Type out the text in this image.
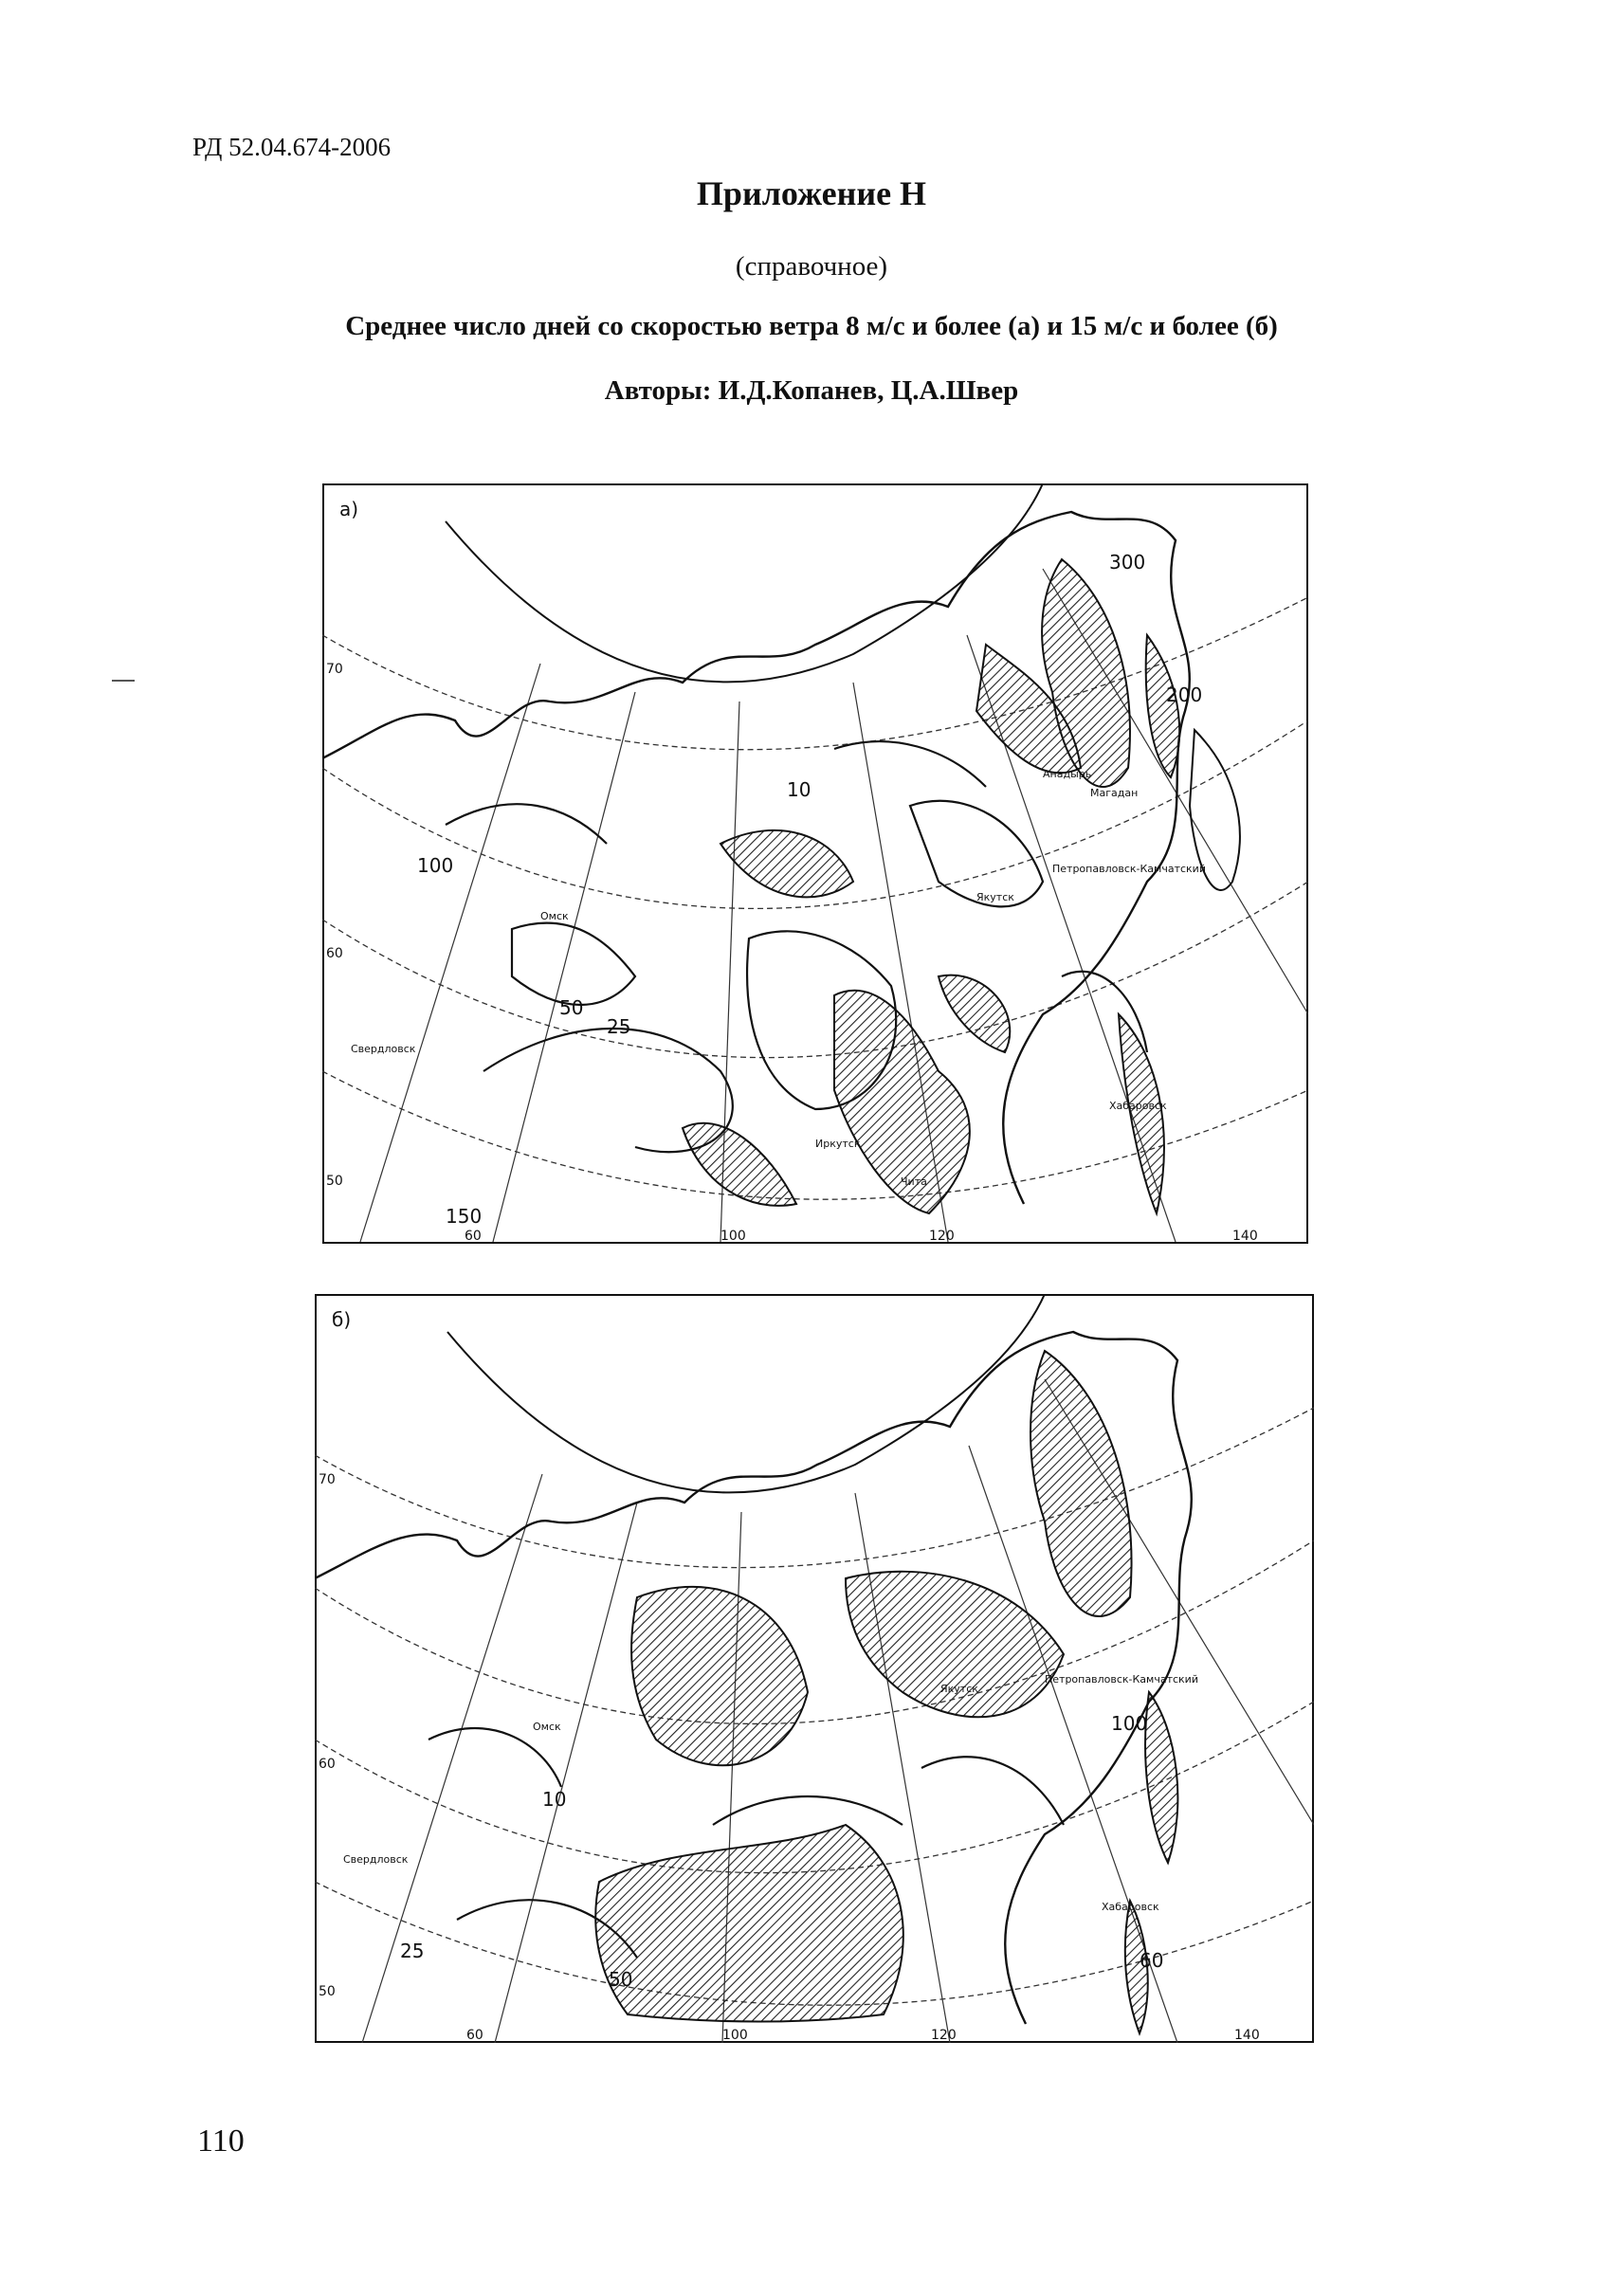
РД 52.04.674-2006
Приложение Н
(справочное)
Среднее число дней со скоростью ветра 8 м/с и более (а) и 15 м/с и более (б)
Авторы: И.Д.Копанев, Ц.А.Швер
а)
60	100	120	140
50
60
70
150
100
50
25
10
200
300
Анадырь
Якутск
Иркутск
Чита
Хабаровск
Магадан
Петропавловск-Камчатский
Свердловск
Омск
б)
60	100	120	140
50
60
70
25
10
50
100
60
Якутск
Хабаровск
Петропавловск-Камчатский
Свердловск
Омск
110
